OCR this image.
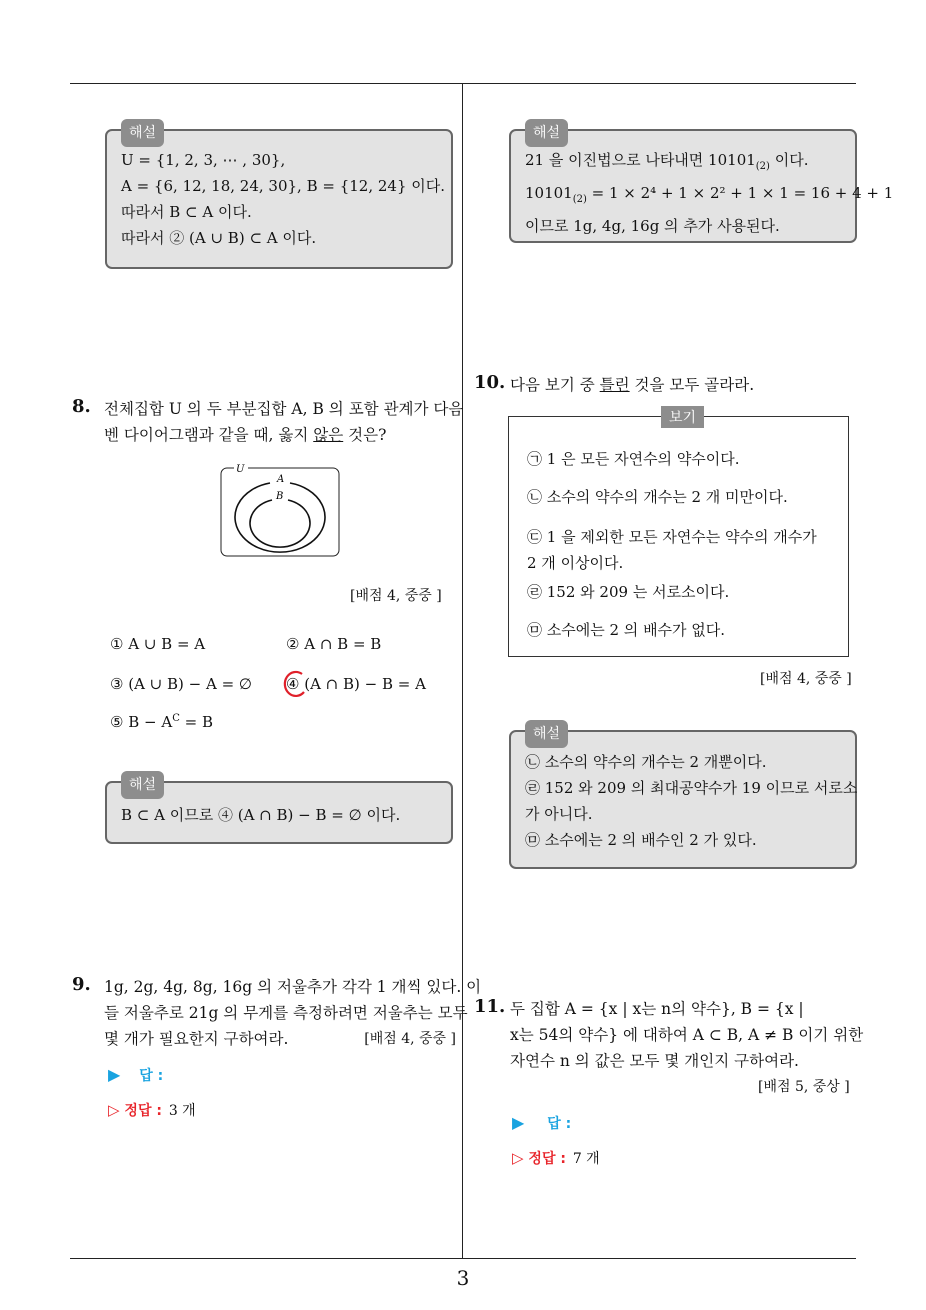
해설
U = {1, 2, 3, ⋯ , 30},
A = {6, 12, 18, 24, 30}, B = {12, 24} 이다.
따라서 B ⊂ A 이다.
따라서 ② (A ∪ B) ⊂ A 이다.
8. 전체집합 U 의 두 부분집합 A, B 의 포함 관계가 다음
벤 다이어그램과 같을 때, 옳지 않은 것은?
U
A
B
[배점 4, 중중 ]
① A ∪ B = A	② A ∩ B = B
③ (A ∪ B) − A = ∅ ④ (A ∩ B) − B = A
⑤ $B - A^C = B$
해설
B ⊂ A 이므로 ④ (A ∩ B) − B = ∅ 이다.
9. 1g, 2g, 4g, 8g, 16g 의 저울추가 각각 1 개씩 있다. 이
들 저울추로 21g 의 무게를 측정하려면 저울추는 모두
몇 개가 필요한지 구하여라.	[배점 4, 중중 ]
▶ 답 :
▷ 정답 : 3 개
해설
21 을 이진법으로 나타내면 $10101_{(2)}$ 이다.
$10101_{(2)} = 1 \times 2^4 + 1 \times 2^2 + 1 \times 1 = 16 + 4 + 1$
이므로 1g, 4g, 16g 의 추가 사용된다.
10. 다음 보기 중 틀린 것을 모두 골라라.
보기
㉠ 1 은 모든 자연수의 약수이다.
㉡ 소수의 약수의 개수는 2 개 미만이다.
㉢ 1 을 제외한 모든 자연수는 약수의 개수가
2 개 이상이다.
㉣ 152 와 209 는 서로소이다.
㉤ 소수에는 2 의 배수가 없다.
[배점 4, 중중 ]
해설
㉡ 소수의 약수의 개수는 2 개뿐이다.
㉣ 152 와 209 의 최대공약수가 19 이므로 서로소
가 아니다.
㉤ 소수에는 2 의 배수인 2 가 있다.
11. 두 집합 A = {x | x는 n의 약수}, B = {x |
x는 54의 약수} 에 대하여 A ⊂ B, A ≠ B 이기 위한
자연수 n 의 값은 모두 몇 개인지 구하여라.
[배점 5, 중상 ]
▶ 답 :
▷ 정답 : 7 개
3
